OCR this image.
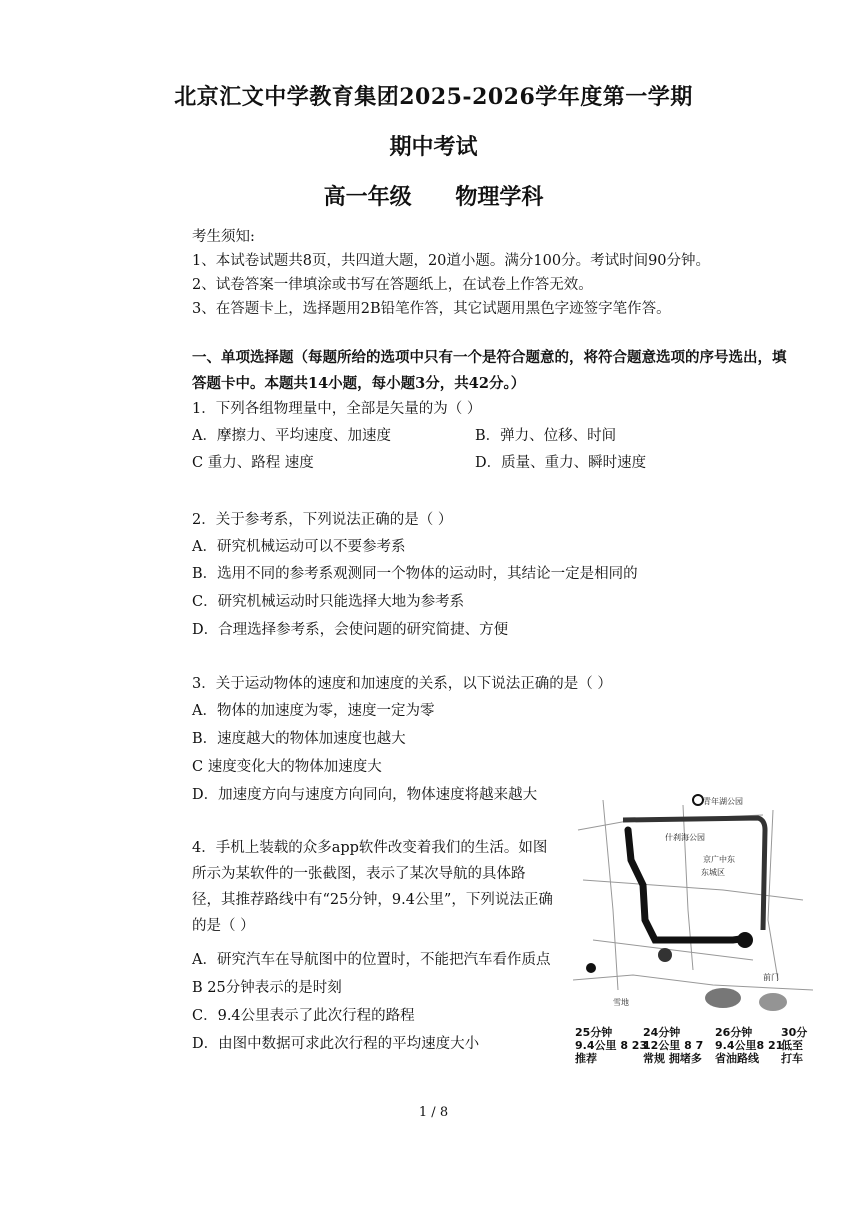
北京汇文中学教育集团2025-2026学年度第一学期
期中考试
高一年级 物理学科
考生须知:
1、本试卷试题共8页，共四道大题，20道小题。满分100分。考试时间90分钟。
2、试卷答案一律填涂或书写在答题纸上，在试卷上作答无效。
3、在答题卡上，选择题用2B铅笔作答，其它试题用黑色字迹签字笔作答。
一、单项选择题（每题所给的选项中只有一个是符合题意的，将符合题意选项的序号选出，填
答题卡中。本题共14小题，每小题3分，共42分。）
1．下列各组物理量中，全部是矢量的为（ ）
A．摩擦力、平均速度、加速度	B．弹力、位移、时间
C 重力、路程 速度	D．质量、重力、瞬时速度
2．关于参考系，下列说法正确的是（ ）
A．研究机械运动可以不要参考系
B．选用不同的参考系观测同一个物体的运动时，其结论一定是相同的
C．研究机械运动时只能选择大地为参考系
D．合理选择参考系，会使问题的研究简捷、方便
3．关于运动物体的速度和加速度的关系，以下说法正确的是（ ）
A．物体的加速度为零，速度一定为零
B．速度越大的物体加速度也越大
C 速度变化大的物体加速度大
D．加速度方向与速度方向同向，物体速度将越来越大
4．手机上装载的众多app软件改变着我们的生活。如图所示为某软件的一张截图，表示了某次导航的具体路径，其推荐路线中有“25分钟，9.4公里”，下列说法正确的是（ ）
A．研究汽车在导航图中的位置时，不能把汽车看作质点
B 25分钟表示的是时刻
C．9.4公里表示了此次行程的路程
D．由图中数据可求此次行程的平均速度大小
青年湖公园
什刹海公园
东城区
京广中东
前门
雪地
25分钟
9.4公里 8 23
推荐
24分钟
12公里 8 7
常规 拥堵多
26分钟
9.4公里8 21
省油路线
30分
低至
打车
1 / 8
